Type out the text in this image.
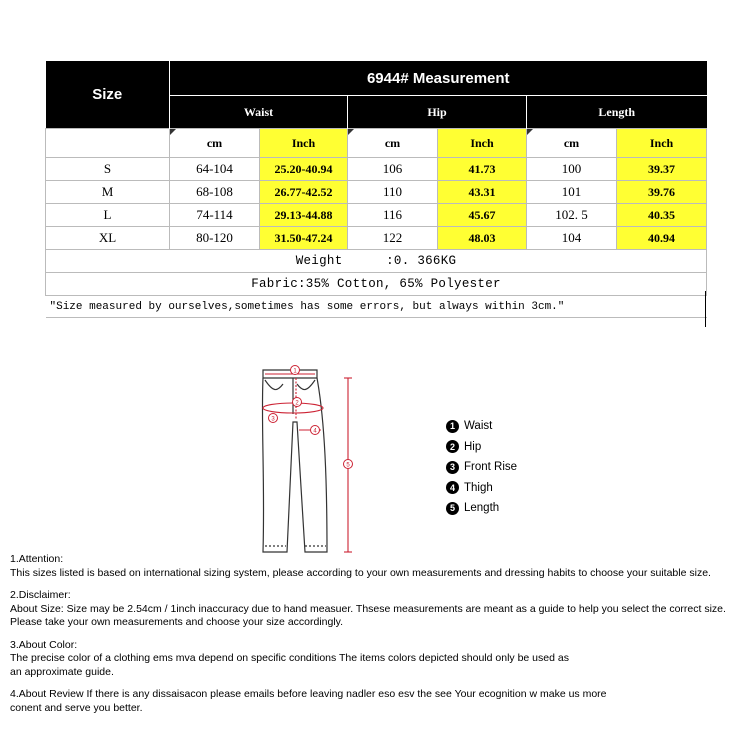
Size	6944# Measurement					
	Waist		Hip		Length	
	cm	Inch	cm	Inch	cm	Inch
S	64-104	25.20-40.94	106	41.73	100	39.37
M	68-108	26.77-42.52	110	43.31	101	39.76
L	74-114	29.13-44.88	116	45.67	102. 5	40.35
XL	80-120	31.50-47.24	122	48.03	104	40.94
Weight :0. 366KG						
Fabric:35% Cotton, 65% Polyester						
"Size measured by ourselves,sometimes has some errors, but always within 3cm."						
1
2
3
4
5
1 Waist
2 Hip
3 Front Rise
4 Thigh
5 Length

1.Attention:

This sizes listed is based on international sizing system, please according to your own measurements and dressing habits to choose your suitable size.

2.Disclaimer:

About Size: Size may be 2.54cm / 1inch inaccuracy due to hand measuer. Thsese measurements are meant as a guide to help you select the correct size.

Please take your own measurements and choose your size accordingly.

3.About Color:

The precise color of a clothing ems mva depend on specific conditions The items colors depicted should only be used as

an approximate guide.

4.About Review If there is any dissaisacon please emails before leaving nadler eso esv the see Your ecognition w make us more

conent and serve you better.
